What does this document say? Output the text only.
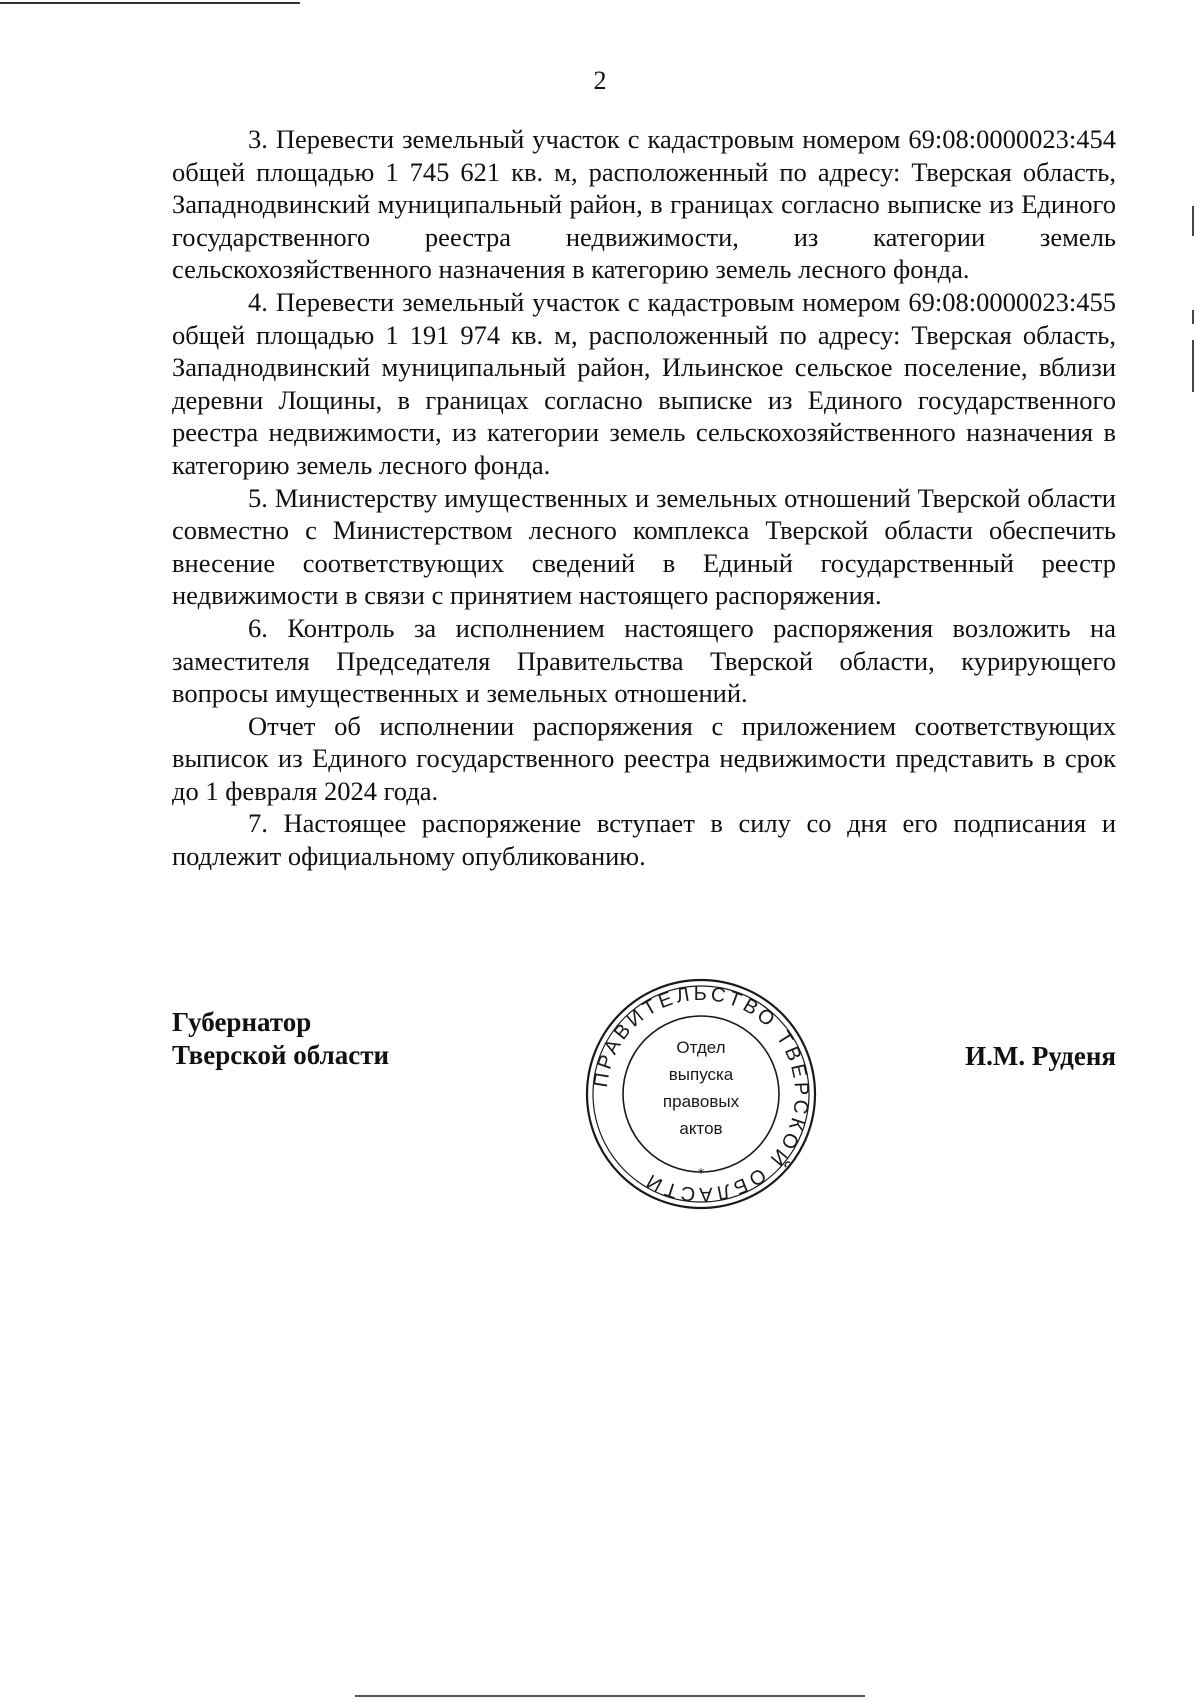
2

3. Перевести земельный участок с кадастровым номером 69:08:0000023:454 общей площадью 1 745 621 кв. м, расположенный по адресу: Тверская область, Западнодвинский муниципальный район, в границах согласно выписке из Единого государственного реестра недвижимости, из категории земель сельскохозяйственного назначения в категорию земель лесного фонда.

4. Перевести земельный участок с кадастровым номером 69:08:0000023:455 общей площадью 1 191 974 кв. м, расположенный по адресу: Тверская область, Западнодвинский муниципальный район, Ильинское сельское поселение, вблизи деревни Лощины, в границах согласно выписке из Единого государственного реестра недвижимости, из категории земель сельскохозяйственного назначения в категорию земель лесного фонда.

5. Министерству имущественных и земельных отношений Тверской области совместно с Министерством лесного комплекса Тверской области обеспечить внесение соответствующих сведений в Единый государственный реестр недвижимости в связи с принятием настоящего распоряжения.

6. Контроль за исполнением настоящего распоряжения возложить на заместителя Председателя Правительства Тверской области, курирующего вопросы имущественных и земельных отношений.

Отчет об исполнении распоряжения с приложением соответствующих выписок из Единого государственного реестра недвижимости представить в срок до 1 февраля 2024 года.

7. Настоящее распоряжение вступает в силу со дня его подписания и подлежит официальному опубликованию.

Губернатор
Тверской области
ПРАВИТЕЛЬСТВО ТВЕРСКОЙ ОБЛАСТИ
Отдел
выпуска
правовых
актов
*
И.М. Руденя
